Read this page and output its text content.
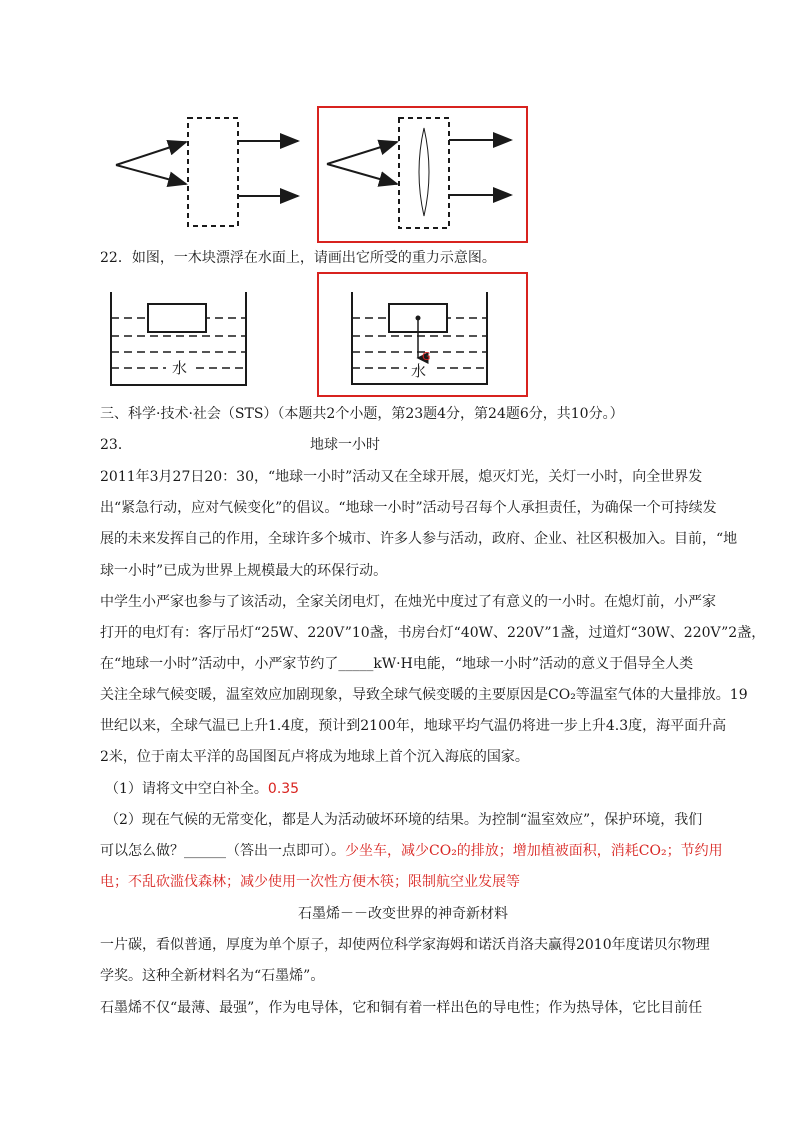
22．如图，一木块漂浮在水面上，请画出它所受的重力示意图。
水	水
G
三、科学·技术·社会（STS）（本题共2个小题，第23题4分，第24题6分，共10分。）
23．	地球一小时
2011年3月27日20：30，“地球一小时”活动又在全球开展，熄灭灯光，关灯一小时，向全世界发
出“紧急行动，应对气候变化”的倡议。“地球一小时”活动号召每个人承担责任，为确保一个可持续发
展的未来发挥自己的作用，全球许多个城市、许多人参与活动，政府、企业、社区积极加入。目前，“地
球一小时”已成为世界上规模最大的环保行动。
中学生小严家也参与了该活动，全家关闭电灯，在烛光中度过了有意义的一小时。在熄灯前，小严家
打开的电灯有：客厅吊灯“25W、220V”10盏，书房台灯“40W、220V”1盏，过道灯“30W、220V”2盏，
在“地球一小时”活动中，小严家节约了_____kW·H电能，“地球一小时”活动的意义于倡导全人类
关注全球气候变暖，温室效应加剧现象，导致全球气候变暖的主要原因是CO₂等温室气体的大量排放。19
世纪以来，全球气温已上升1.4度，预计到2100年，地球平均气温仍将进一步上升4.3度，海平面升高
2米，位于南太平洋的岛国图瓦卢将成为地球上首个沉入海底的国家。
（1）请将文中空白补全。0.35
（2）现在气候的无常变化，都是人为活动破坏环境的结果。为控制“温室效应”，保护环境，我们
可以怎么做？______（答出一点即可）。少坐车，减少CO₂的排放；增加植被面积，消耗CO₂；节约用
电；不乱砍滥伐森林；减少使用一次性方便木筷；限制航空业发展等
石墨烯－－改变世界的神奇新材料
一片碳，看似普通，厚度为单个原子，却使两位科学家海姆和诺沃肖洛夫赢得2010年度诺贝尔物理
学奖。这种全新材料名为“石墨烯”。
石墨烯不仅“最薄、最强”，作为电导体，它和铜有着一样出色的导电性；作为热导体，它比目前任
